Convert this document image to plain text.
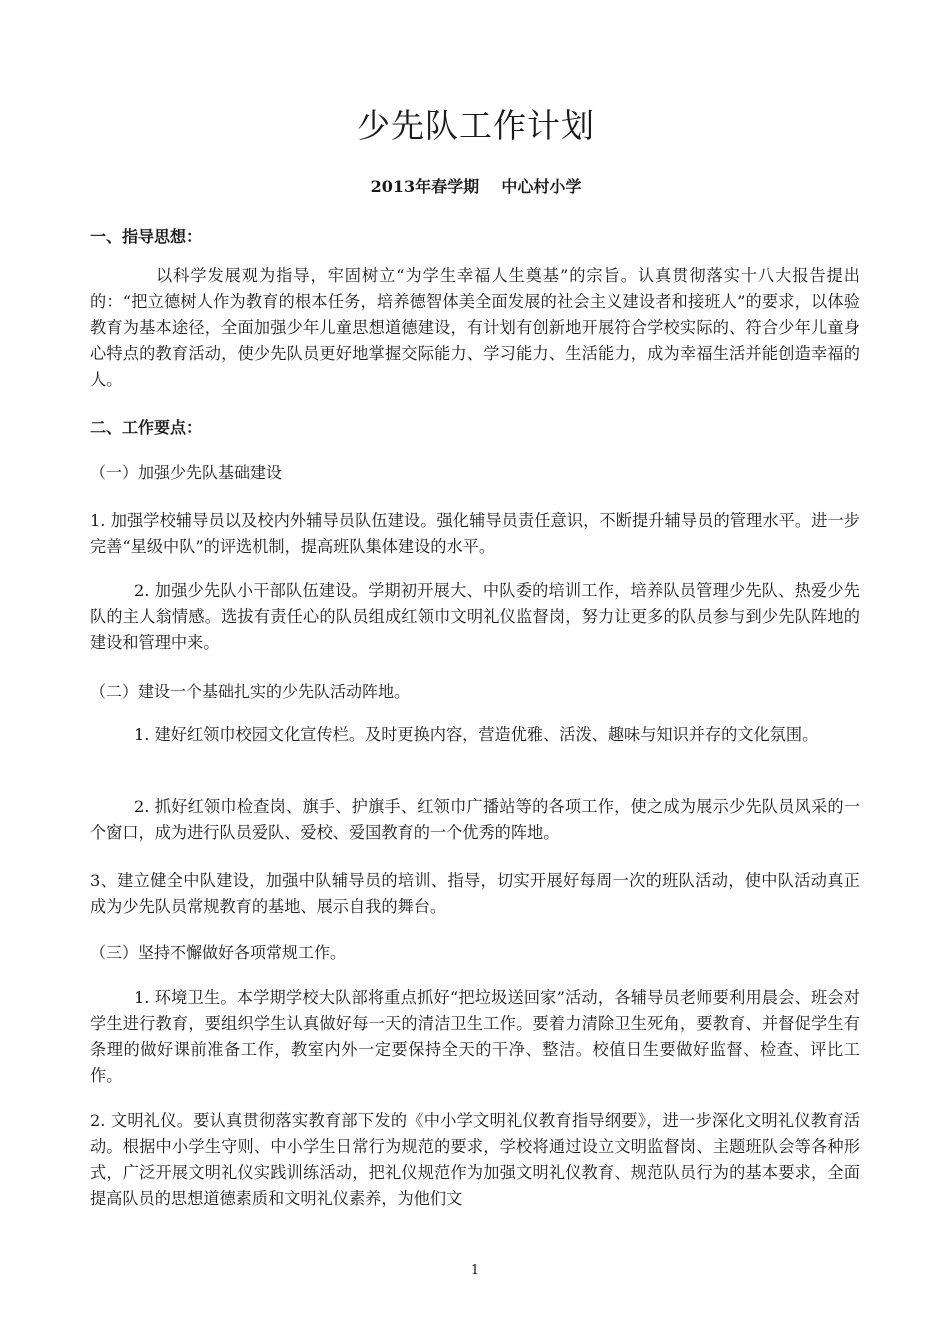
少先队工作计划
2013年春学期    中心村小学
一、指导思想：

以科学发展观为指导，牢固树立“为学生幸福人生奠基”的宗旨。认真贯彻落实十八大报告提出的：“把立德树人作为教育的根本任务，培养德智体美全面发展的社会主义建设者和接班人”的要求，以体验教育为基本途径，全面加强少年儿童思想道德建设，有计划有创新地开展符合学校实际的、符合少年儿童身心特点的教育活动，使少先队员更好地掌握交际能力、学习能力、生活能力，成为幸福生活并能创造幸福的人。

二、工作要点：
（一）加强少先队基础建设

1. 加强学校辅导员以及校内外辅导员队伍建设。强化辅导员责任意识，不断提升辅导员的管理水平。进一步完善“星级中队”的评选机制，提高班队集体建设的水平。

2. 加强少先队小干部队伍建设。学期初开展大、中队委的培训工作，培养队员管理少先队、热爱少先队的主人翁情感。选拔有责任心的队员组成红领巾文明礼仪监督岗，努力让更多的队员参与到少先队阵地的建设和管理中来。

（二）建设一个基础扎实的少先队活动阵地。

1. 建好红领巾校园文化宣传栏。及时更换内容，营造优雅、活泼、趣味与知识并存的文化氛围。

2. 抓好红领巾检查岗、旗手、护旗手、红领巾广播站等的各项工作，使之成为展示少先队员风采的一个窗口，成为进行队员爱队、爱校、爱国教育的一个优秀的阵地。

3、建立健全中队建设，加强中队辅导员的培训、指导，切实开展好每周一次的班队活动，使中队活动真正成为少先队员常规教育的基地、展示自我的舞台。

（三）坚持不懈做好各项常规工作。

1. 环境卫生。本学期学校大队部将重点抓好“把垃圾送回家”活动，各辅导员老师要利用晨会、班会对学生进行教育，要组织学生认真做好每一天的清洁卫生工作。要着力清除卫生死角，要教育、并督促学生有条理的做好课前准备工作，教室内外一定要保持全天的干净、整洁。校值日生要做好监督、检查、评比工作。

2. 文明礼仪。要认真贯彻落实教育部下发的《中小学文明礼仪教育指导纲要》，进一步深化文明礼仪教育活动。根据中小学生守则、中小学生日常行为规范的要求，学校将通过设立文明监督岗、主题班队会等各种形式，广泛开展文明礼仪实践训练活动，把礼仪规范作为加强文明礼仪教育、规范队员行为的基本要求，全面提高队员的思想道德素质和文明礼仪素养，为他们文

1
